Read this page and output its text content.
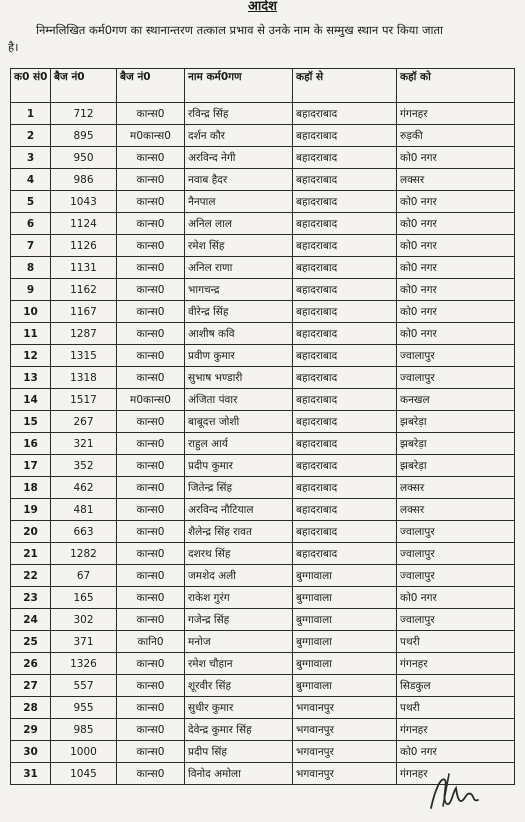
आदेश
निम्नलिखित कर्म0गण का स्थानान्तरण तत्काल प्रभाव से उनके नाम के सम्मुख स्थान पर किया जाता
है।
क0 सं0	बैज नं0	बैज नं0	नाम कर्म0गण	कहॉ से	कहॉ को
1	712	कान्स0	रविन्द्र सिंह	बहादराबाद	गंगनहर
2	895	म0कान्स0	दर्शन कौर	बहादराबाद	रुड़की
3	950	कान्स0	अरविन्द नेगी	बहादराबाद	को0 नगर
4	986	कान्स0	नवाब हैदर	बहादराबाद	लक्सर
5	1043	कान्स0	नैनपाल	बहादराबाद	को0 नगर
6	1124	कान्स0	अनिल लाल	बहादराबाद	को0 नगर
7	1126	कान्स0	रमेश सिंह	बहादराबाद	को0 नगर
8	1131	कान्स0	अनिल राणा	बहादराबाद	को0 नगर
9	1162	कान्स0	भागचन्द्र	बहादराबाद	को0 नगर
10	1167	कान्स0	वीरेन्द्र सिंह	बहादराबाद	को0 नगर
11	1287	कान्स0	आशीष कवि	बहादराबाद	को0 नगर
12	1315	कान्स0	प्रवीण कुमार	बहादराबाद	ज्वालापुर
13	1318	कान्स0	सुभाष भण्डारी	बहादराबाद	ज्वालापुर
14	1517	म0कान्स0	अंजिता पंवार	बहादराबाद	कनखल
15	267	कान्स0	बाबूदत्त जोशी	बहादराबाद	झबरेड़ा
16	321	कान्स0	राहुल आर्य	बहादराबाद	झबरेड़ा
17	352	कान्स0	प्रदीप कुमार	बहादराबाद	झबरेड़ा
18	462	कान्स0	जितेन्द्र सिंह	बहादराबाद	लक्सर
19	481	कान्स0	अरविन्द नौटियाल	बहादराबाद	लक्सर
20	663	कान्स0	शैलेन्द्र सिंह रावत	बहादराबाद	ज्वालापुर
21	1282	कान्स0	दशरथ सिंह	बहादराबाद	ज्वालापुर
22	67	कान्स0	जमशेद अली	बुग्गावाला	ज्वालापुर
23	165	कान्स0	राकेश गुरंग	बुग्गावाला	को0 नगर
24	302	कान्स0	गजेन्द्र सिंह	बुग्गावाला	ज्वालापुर
25	371	कानि0	मनोज	बुग्गावाला	पथरी
26	1326	कान्स0	रमेश चौहान	बुग्गावाला	गंगनहर
27	557	कान्स0	शूरवीर सिंह	बुग्गावाला	सिडकुल
28	955	कान्स0	सुधीर कुमार	भगवानपुर	पथरी
29	985	कान्स0	देवेन्द्र कुमार सिंह	भगवानपुर	गंगनहर
30	1000	कान्स0	प्रदीप सिंह	भगवानपुर	को0 नगर
31	1045	कान्स0	विनोद अमोला	भगवानपुर	गंगनहर
